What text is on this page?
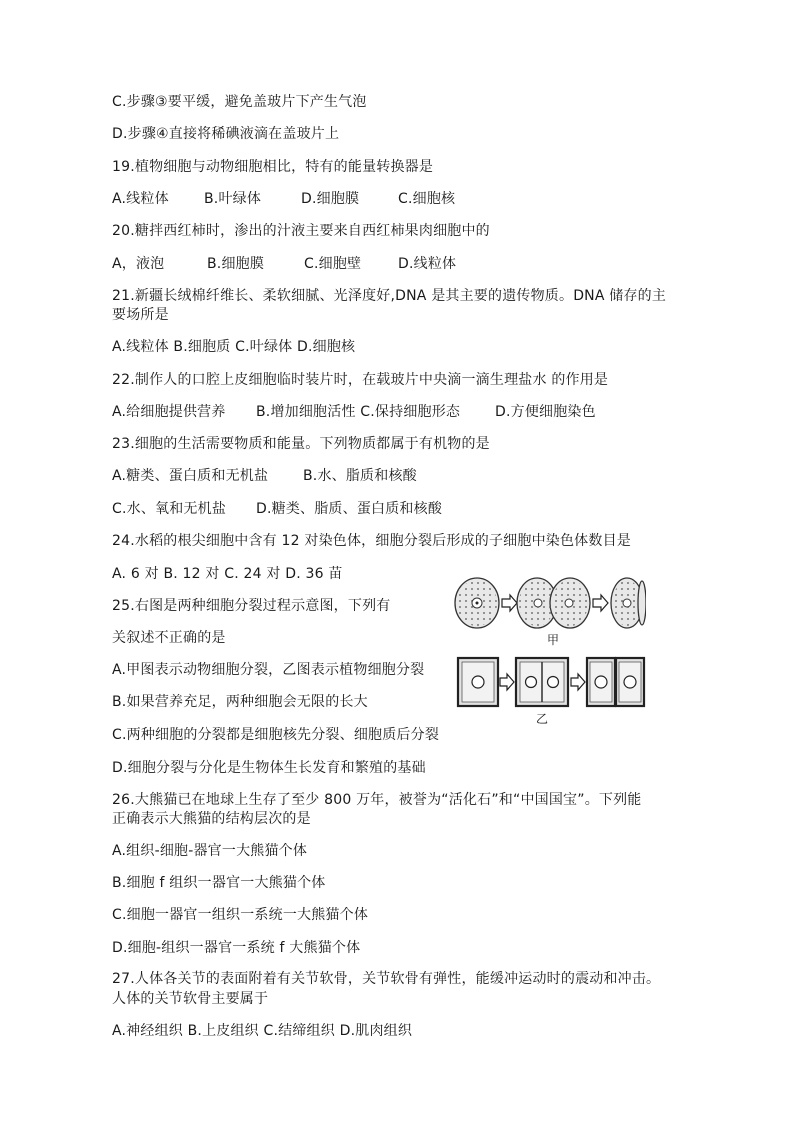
C.步骤③要平缓，避免盖玻片下产生气泡
D.步骤④直接将稀碘液滴在盖玻片上
19.植物细胞与动物细胞相比，特有的能量转换器是
A.线粒体	B.叶绿体	D.细胞膜	C.细胞核
20.糖拌西红柿时，渗出的汁液主要来自西红柿果肉细胞中的
A，液泡	B.细胞膜	C.细胞壁	D.线粒体
21.新疆长绒棉纤维长、柔软细腻、光泽度好,DNA 是其主要的遗传物质。DNA 储存的主
要场所是
A.线粒体 B.细胞质 C.叶绿体 D.细胞核
22.制作人的口腔上皮细胞临时装片时，在载玻片中央滴一滴生理盐水 的作用是
A.给细胞提供营养 B.增加细胞活性 C.保持细胞形态 D.方便细胞染色
23.细胞的生活需要物质和能量。下列物质都属于有机物的是
A.糖类、蛋白质和无机盐 B.水、脂质和核酸
C.水、氧和无机盐 D.糖类、脂质、蛋白质和核酸
24.水稻的根尖细胞中含有 12 对染色体，细胞分裂后形成的子细胞中染色体数目是
A. 6 对 B. 12 对 C. 24 对 D. 36 苗
25.右图是两种细胞分裂过程示意图，下列有
关叙述不正确的是
A.甲图表示动物细胞分裂，乙图表示植物细胞分裂
B.如果营养充足，两种细胞会无限的长大
C.两种细胞的分裂都是细胞核先分裂、细胞质后分裂
D.细胞分裂与分化是生物体生长发育和繁殖的基础
26.大熊猫已在地球上生存了至少 800 万年，被誉为“活化石”和“中国国宝”。下列能
正确表示大熊猫的结构层次的是
A.组织-细胞-器官一大熊猫个体
B.细胞 f 组织一器官一大熊猫个体
C.细胞一器官一组织一系统一大熊猫个体
D.细胞-组织一器官一系统 f 大熊猫个体
27.人体各关节的表面附着有关节软骨，关节软骨有弹性，能缓冲运动时的震动和冲击。
人体的关节软骨主要属于
A.神经组织 B.上皮组织 C.结缔组织 D.肌肉组织
甲
乙
